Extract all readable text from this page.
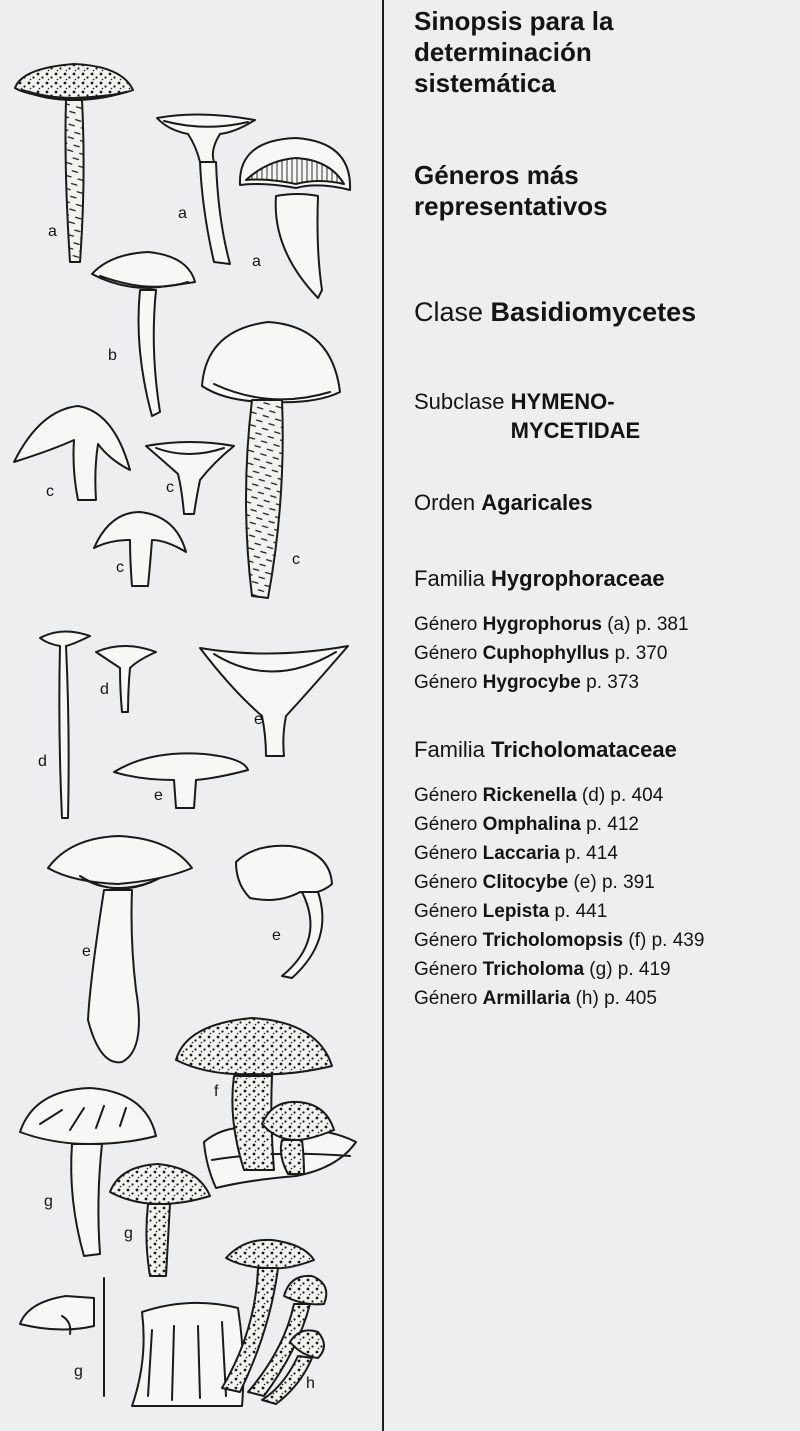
a
a
a
b
c	c
c	c
d
d
e
e
e
e
f
g
g
g
h
Sinopsis para la
determinación
sistemática
Géneros más
representativos
Clase Basidiomycetes
Subclase HYMENO-
MYCETIDAE
Orden Agaricales
Familia Hygrophoraceae
Género Hygrophorus (a) p. 381
Género Cuphophyllus p. 370
Género Hygrocybe p. 373
Familia Tricholomataceae
Género Rickenella (d) p. 404
Género Omphalina p. 412
Género Laccaria p. 414
Género Clitocybe (e) p. 391
Género Lepista p. 441
Género Tricholomopsis (f) p. 439
Género Tricholoma (g) p. 419
Género Armillaria (h) p. 405
